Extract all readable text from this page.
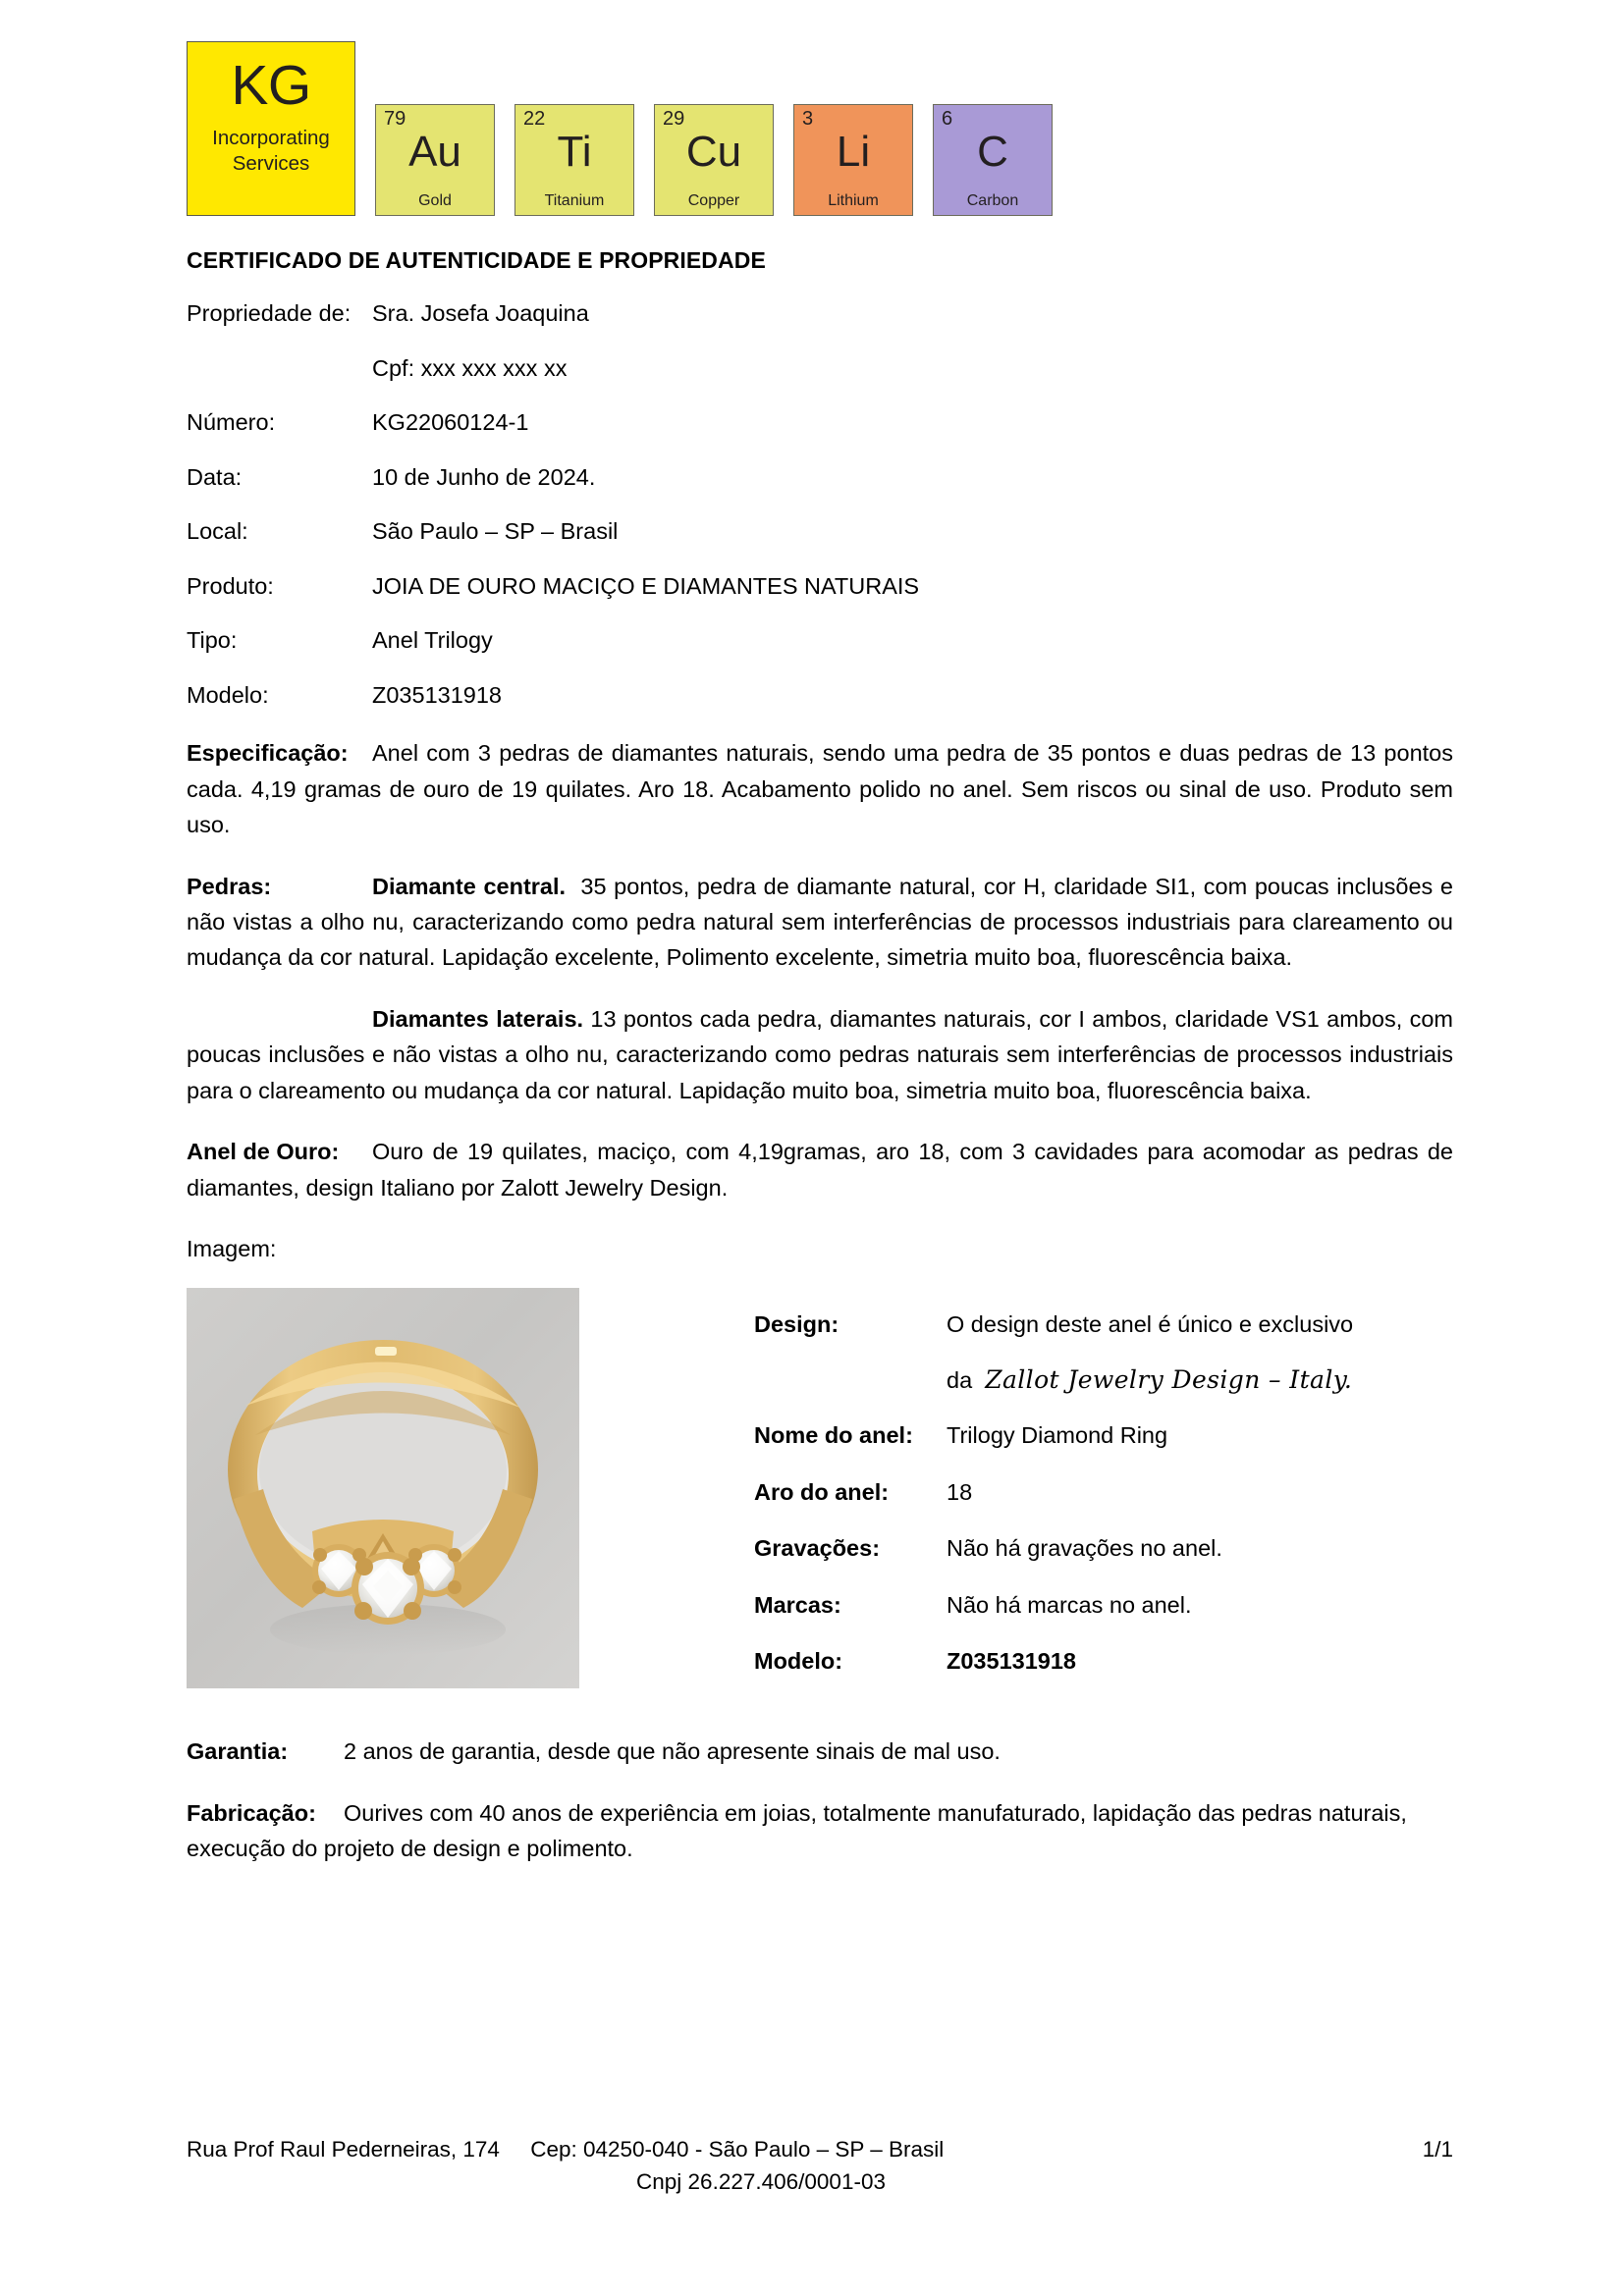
KG
Incorporating
Services
79
Au
Gold
22
Ti
Titanium
29
Cu
Copper
3
Li
Lithium
6
C
Carbon
CERTIFICADO DE AUTENTICIDADE E PROPRIEDADE
Propriedade de: Sra. Josefa Joaquina
Cpf: xxx xxx xxx xx
Número:	KG22060124-1
Data:	10 de Junho de 2024.
Local:	São Paulo – SP – Brasil
Produto:	JOIA DE OURO MACIÇO E DIAMANTES NATURAIS
Tipo:	Anel Trilogy
Modelo:	Z035131918
Especificação: Anel com 3 pedras de diamantes naturais, sendo uma pedra de 35 pontos e duas pedras de 13 pontos cada. 4,19 gramas de ouro de 19 quilates. Aro 18. Acabamento polido no anel. Sem riscos ou sinal de uso. Produto sem uso.
Pedras:	Diamante central. 35 pontos, pedra de diamante natural, cor H, claridade SI1, com poucas inclusões e não vistas a olho nu, caracterizando como pedra natural sem interferências de processos industriais para clareamento ou mudança da cor natural. Lapidação excelente, Polimento excelente, simetria muito boa, fluorescência baixa.
Diamantes laterais. 13 pontos cada pedra, diamantes naturais, cor I ambos, claridade VS1 ambos, com poucas inclusões e não vistas a olho nu, caracterizando como pedras naturais sem interferências de processos industriais para o clareamento ou mudança da cor natural. Lapidação muito boa, simetria muito boa, fluorescência baixa.
Anel de Ouro: Ouro de 19 quilates, maciço, com 4,19gramas, aro 18, com 3 cavidades para acomodar as pedras de diamantes, design Italiano por Zalott Jewelry Design.
Imagem:
Design:	O design deste anel é único e exclusivo
da Zallot Jewelry Design – Italy.
Nome do anel:	Trilogy Diamond Ring
Aro do anel:	18
Gravações:	Não há gravações no anel.
Marcas:	Não há marcas no anel.
Modelo:	Z035131918
Garantia: 2 anos de garantia, desde que não apresente sinais de mal uso.
Fabricação: Ourives com 40 anos de experiência em joias, totalmente manufaturado, lapidação das pedras naturais, execução do projeto de design e polimento.
Rua Prof Raul Pederneiras, 174     Cep: 04250-040 - São Paulo – SP – Brasil	1/1
Cnpj 26.227.406/0001-03
